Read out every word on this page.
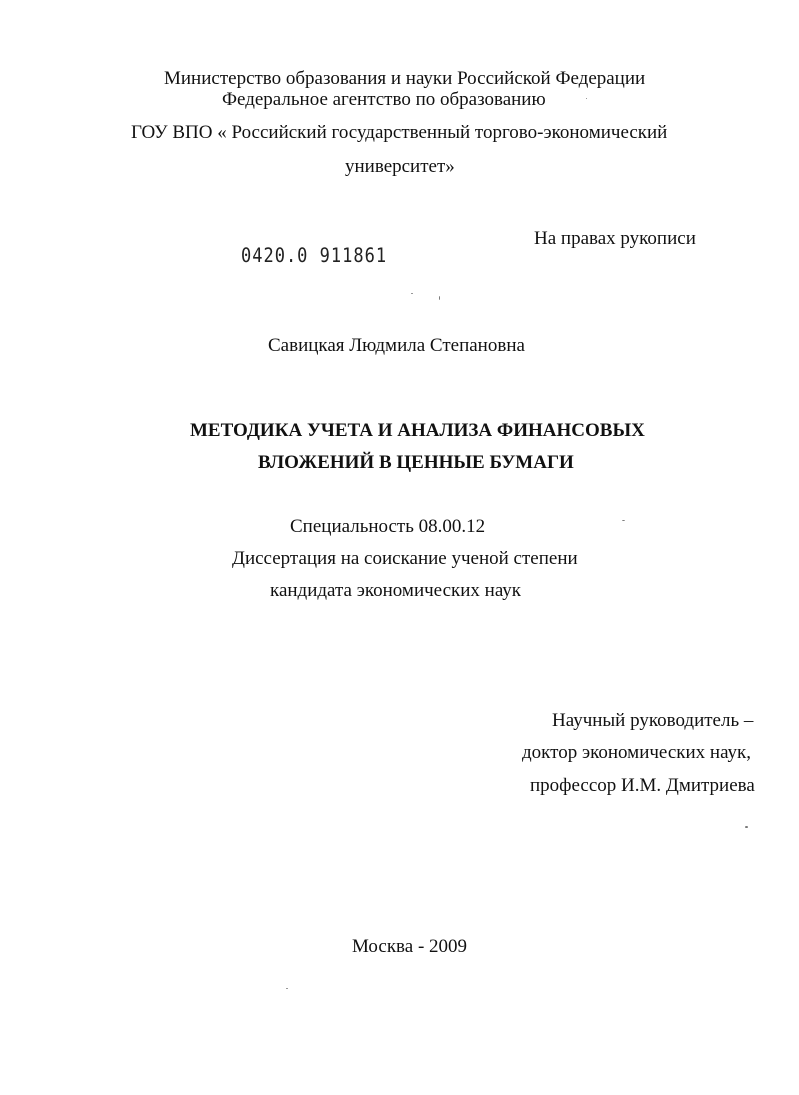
Министерство образования и науки Российской Федерации
Федеральное агентство по образованию
ГОУ ВПО « Российский государственный торгово-экономический
университет»
На правах рукописи
0420.0 911861
Савицкая Людмила Степановна
МЕТОДИКА УЧЕТА И АНАЛИЗА ФИНАНСОВЫХ
ВЛОЖЕНИЙ В ЦЕННЫЕ БУМАГИ
Специальность 08.00.12
Диссертация на соискание ученой степени
кандидата экономических наук
Научный руководитель –
доктор экономических наук,
профессор И.М. Дмитриева
Москва - 2009
